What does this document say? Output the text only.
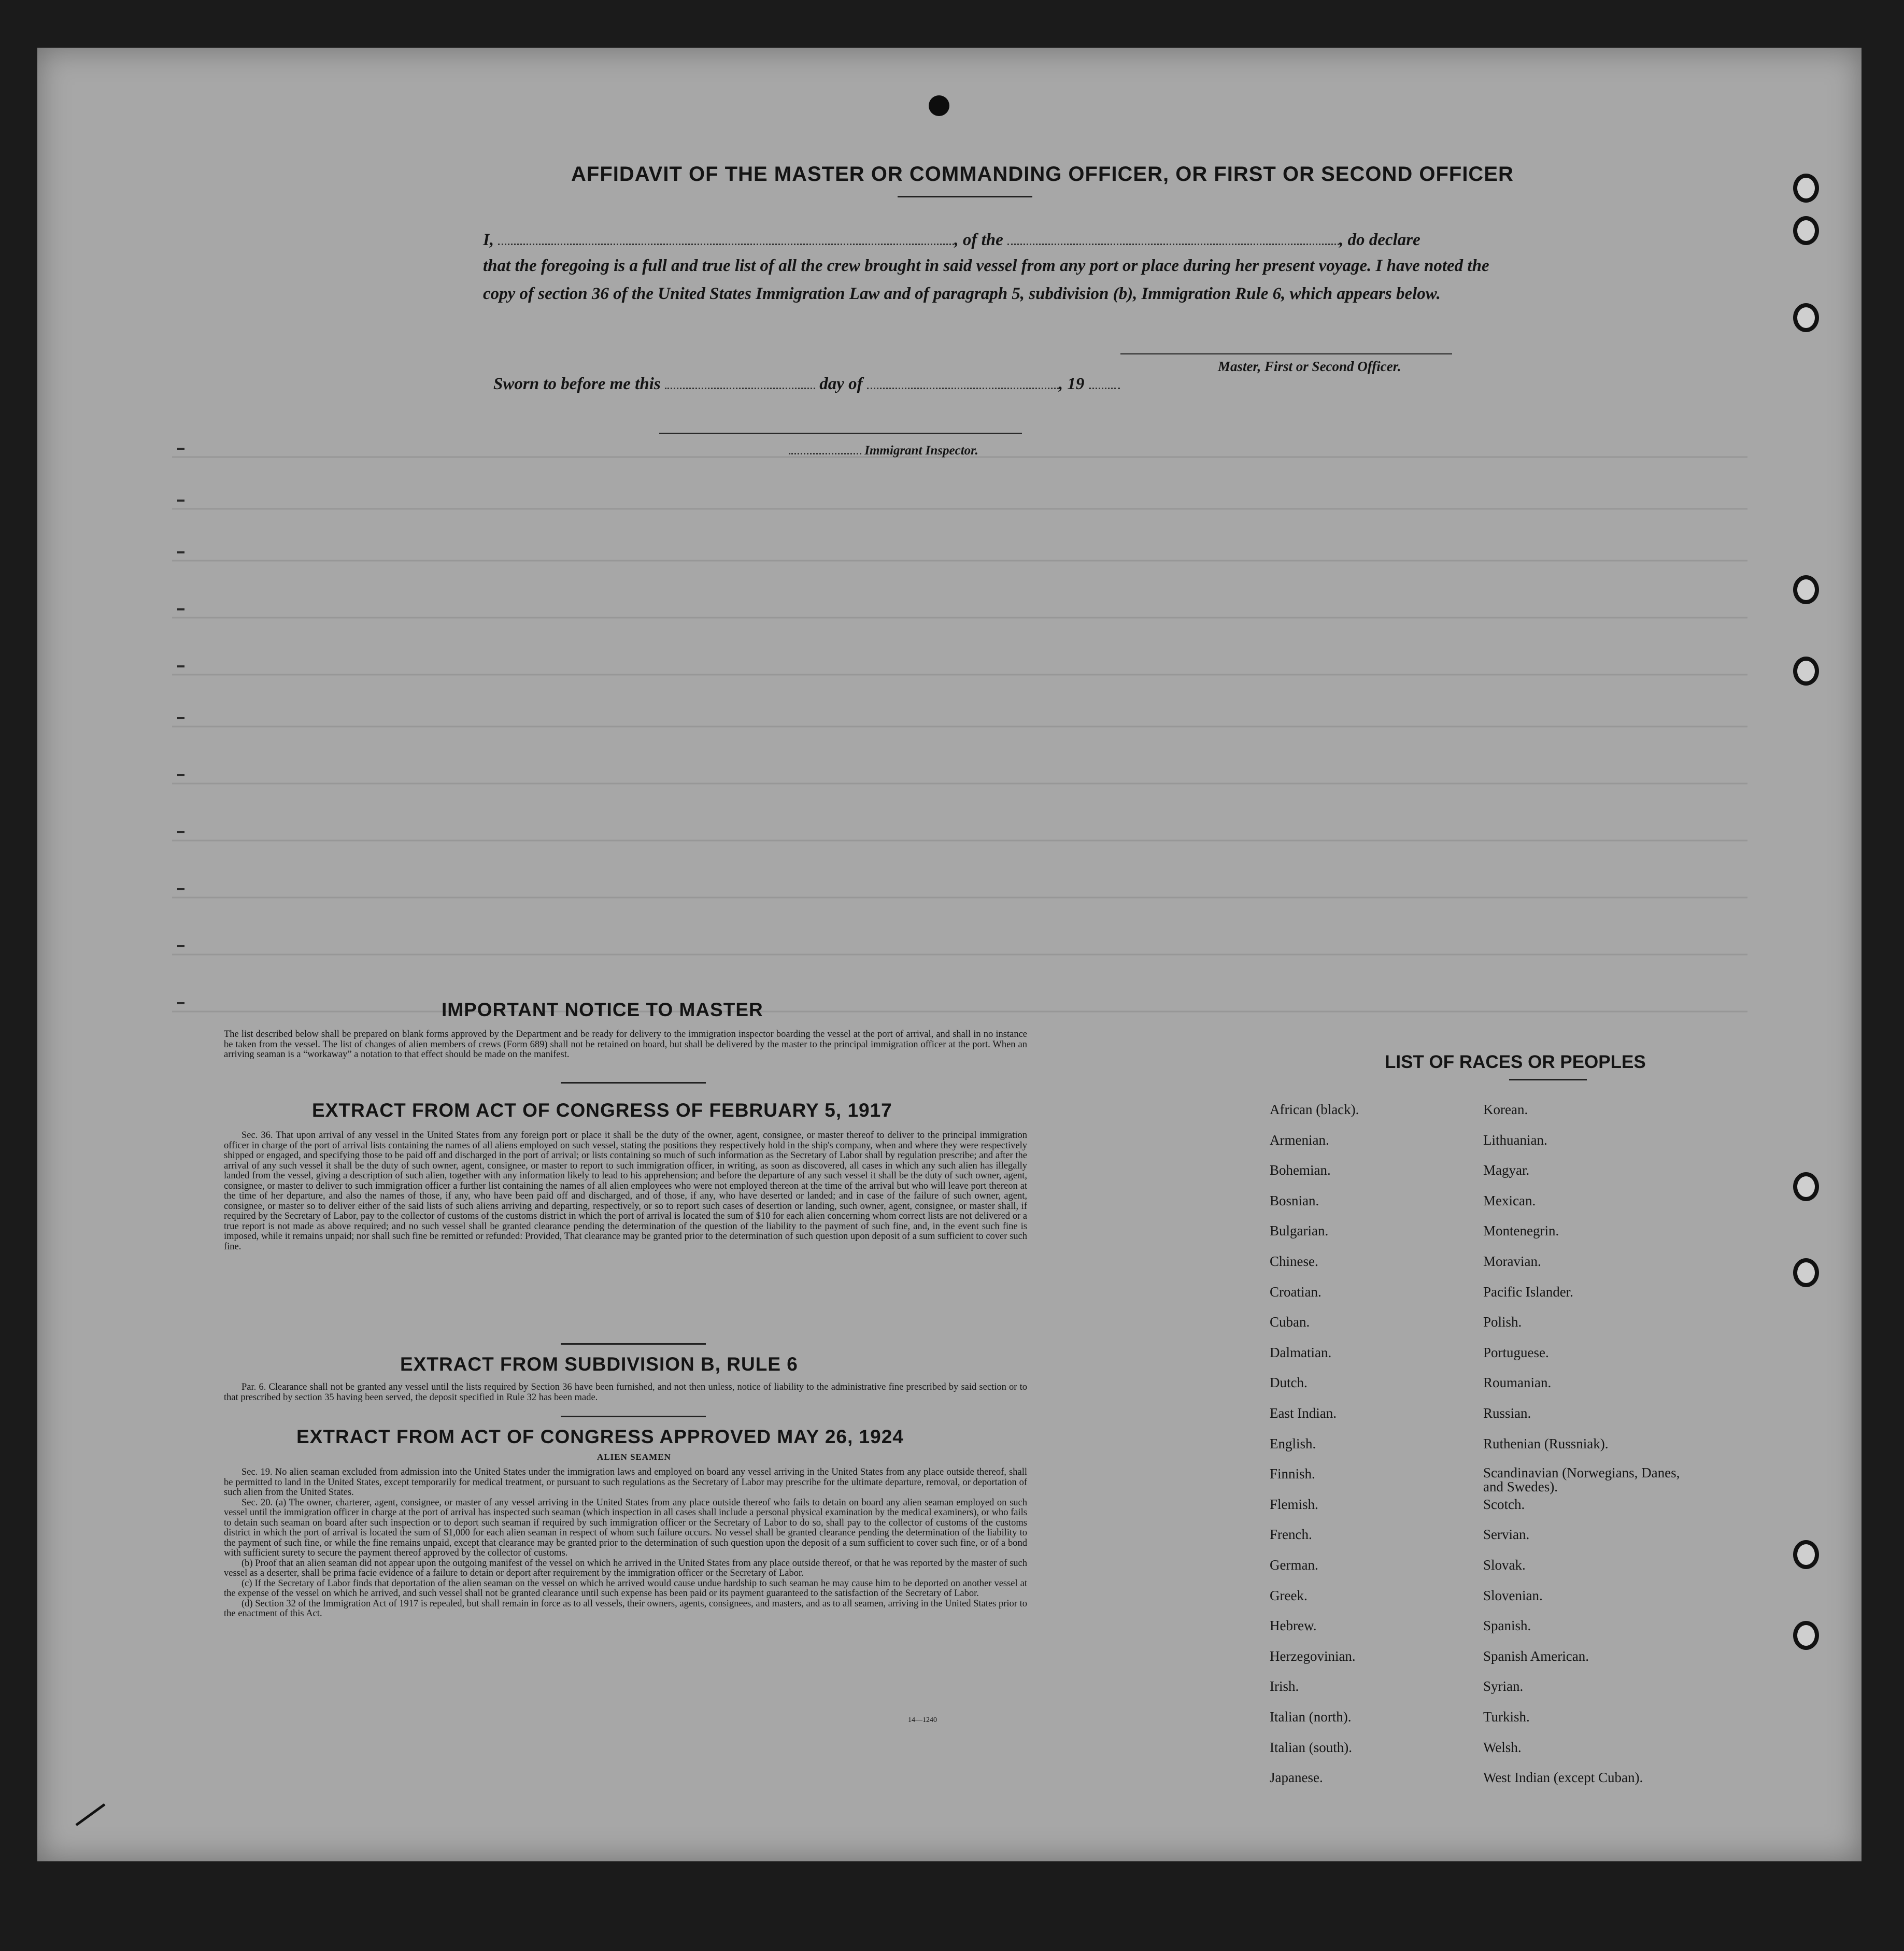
AFFIDAVIT OF THE MASTER OR COMMANDING OFFICER, OR FIRST OR SECOND OFFICER
I,	, of the	, do declare
that the foregoing is a full and true list of all the crew brought in said vessel from any port or place during her present voyage. I have noted the copy of section 36 of the United States Immigration Law and of paragraph 5, subdivision (b), Immigration Rule 6, which appears below.
Master, First or Second Officer.
Sworn to before me this	day of	, 19
Immigrant Inspector.
IMPORTANT NOTICE TO MASTER
The list described below shall be prepared on blank forms approved by the Department and be ready for delivery to the immigration inspector boarding the vessel at the port of arrival, and shall in no instance be taken from the vessel. The list of changes of alien members of crews (Form 689) shall not be retained on board, but shall be delivered by the master to the principal immigration officer at the port. When an arriving seaman is a “workaway” a notation to that effect should be made on the manifest.
EXTRACT FROM ACT OF CONGRESS OF FEBRUARY 5, 1917

Sec. 36. That upon arrival of any vessel in the United States from any foreign port or place it shall be the duty of the owner, agent, consignee, or master thereof to deliver to the principal immigration officer in charge of the port of arrival lists containing the names of all aliens employed on such vessel, stating the positions they respectively hold in the ship's company, when and where they were respectively shipped or engaged, and specifying those to be paid off and discharged in the port of arrival; or lists containing so much of such information as the Secretary of Labor shall by regulation prescribe; and after the arrival of any such vessel it shall be the duty of such owner, agent, consignee, or master to report to such immigration officer, in writing, as soon as discovered, all cases in which any such alien has illegally landed from the vessel, giving a description of such alien, together with any information likely to lead to his apprehension; and before the departure of any such vessel it shall be the duty of such owner, agent, consignee, or master to deliver to such immigration officer a further list containing the names of all alien employees who were not employed thereon at the time of the arrival but who will leave port thereon at the time of her departure, and also the names of those, if any, who have been paid off and discharged, and of those, if any, who have deserted or landed; and in case of the failure of such owner, agent, consignee, or master so to deliver either of the said lists of such aliens arriving and departing, respectively, or so to report such cases of desertion or landing, such owner, agent, consignee, or master shall, if required by the Secretary of Labor, pay to the collector of customs of the customs district in which the port of arrival is located the sum of $10 for each alien concerning whom correct lists are not delivered or a true report is not made as above required; and no such vessel shall be granted clearance pending the determination of the question of the liability to the payment of such fine, and, in the event such fine is imposed, while it remains unpaid; nor shall such fine be remitted or refunded: Provided, That clearance may be granted prior to the determination of such question upon deposit of a sum sufficient to cover such fine.

EXTRACT FROM SUBDIVISION B, RULE 6

Par. 6. Clearance shall not be granted any vessel until the lists required by Section 36 have been furnished, and not then unless, notice of liability to the administrative fine prescribed by said section or to that prescribed by section 35 having been served, the deposit specified in Rule 32 has been made.

EXTRACT FROM ACT OF CONGRESS APPROVED MAY 26, 1924
ALIEN SEAMEN

Sec. 19. No alien seaman excluded from admission into the United States under the immigration laws and employed on board any vessel arriving in the United States from any place outside thereof, shall be permitted to land in the United States, except temporarily for medical treatment, or pursuant to such regulations as the Secretary of Labor may prescribe for the ultimate departure, removal, or deportation of such alien from the United States.

Sec. 20. (a) The owner, charterer, agent, consignee, or master of any vessel arriving in the United States from any place outside thereof who fails to detain on board any alien seaman employed on such vessel until the immigration officer in charge at the port of arrival has inspected such seaman (which inspection in all cases shall include a personal physical examination by the medical examiners), or who fails to detain such seaman on board after such inspection or to deport such seaman if required by such immigration officer or the Secretary of Labor to do so, shall pay to the collector of customs of the customs district in which the port of arrival is located the sum of $1,000 for each alien seaman in respect of whom such failure occurs. No vessel shall be granted clearance pending the determination of the liability to the payment of such fine, or while the fine remains unpaid, except that clearance may be granted prior to the determination of such question upon the deposit of a sum sufficient to cover such fine, or of a bond with sufficient surety to secure the payment thereof approved by the collector of customs.

(b) Proof that an alien seaman did not appear upon the outgoing manifest of the vessel on which he arrived in the United States from any place outside thereof, or that he was reported by the master of such vessel as a deserter, shall be prima facie evidence of a failure to detain or deport after requirement by the immigration officer or the Secretary of Labor.

(c) If the Secretary of Labor finds that deportation of the alien seaman on the vessel on which he arrived would cause undue hardship to such seaman he may cause him to be deported on another vessel at the expense of the vessel on which he arrived, and such vessel shall not be granted clearance until such expense has been paid or its payment guaranteed to the satisfaction of the Secretary of Labor.

(d) Section 32 of the Immigration Act of 1917 is repealed, but shall remain in force as to all vessels, their owners, agents, consignees, and masters, and as to all seamen, arriving in the United States prior to the enactment of this Act.

14—1240
LIST OF RACES OR PEOPLES
African (black).
Armenian.
Bohemian.
Bosnian.
Bulgarian.
Chinese.
Croatian.
Cuban.
Dalmatian.
Dutch.
East Indian.
English.
Finnish.
Flemish.
French.
German.
Greek.
Hebrew.
Herzegovinian.
Irish.
Italian (north).
Italian (south).
Japanese.
Korean.
Lithuanian.
Magyar.
Mexican.
Montenegrin.
Moravian.
Pacific Islander.
Polish.
Portuguese.
Roumanian.
Russian.
Ruthenian (Russniak).
Scandinavian (Norwegians, Danes, and Swedes).
Scotch.
Servian.
Slovak.
Slovenian.
Spanish.
Spanish American.
Syrian.
Turkish.
Welsh.
West Indian (except Cuban).
